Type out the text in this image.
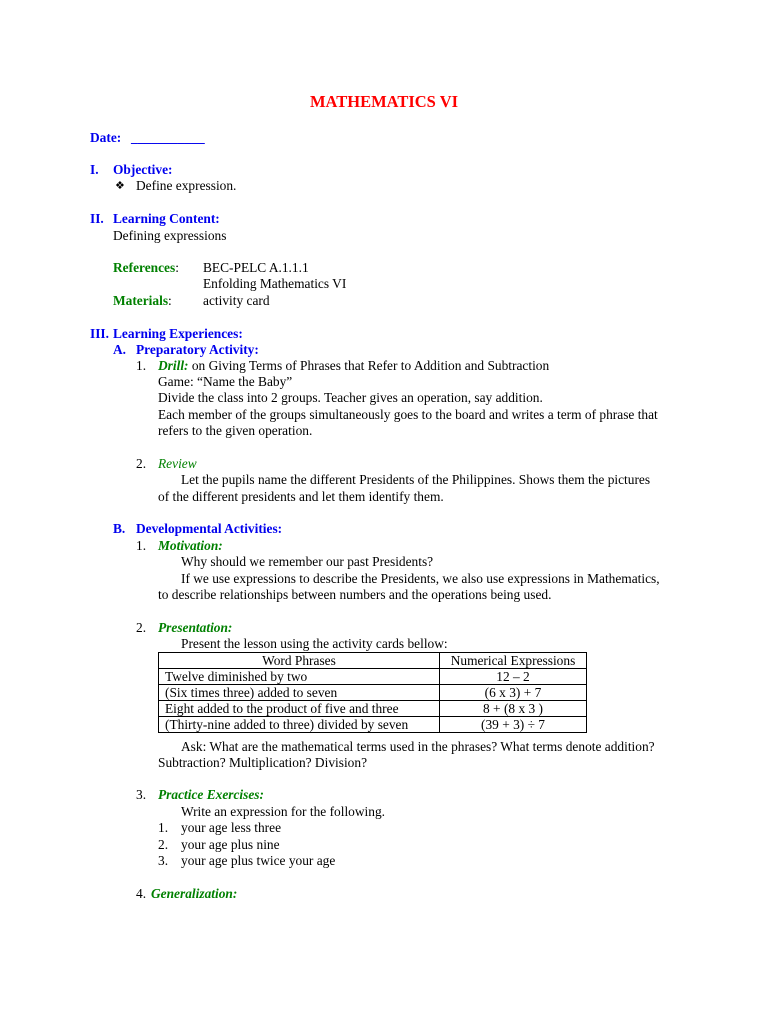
MATHEMATICS VI
Date: ___________
I. Objective:
❖ Define expression.
II. Learning Content:
Defining expressions
References: BEC-PELC A.1.1.1
Enfolding Mathematics VI
Materials: activity card
III. Learning Experiences:
A. Preparatory Activity:
1. Drill: on Giving Terms of Phrases that Refer to Addition and Subtraction
Game: “Name the Baby”
Divide the class into 2 groups. Teacher gives an operation, say addition.
Each member of the groups simultaneously goes to the board and writes a term of phrase that
refers to the given operation.
2. Review
Let the pupils name the different Presidents of the Philippines. Shows them the pictures
of the different presidents and let them identify them.
B. Developmental Activities:
1. Motivation:
Why should we remember our past Presidents?
If we use expressions to describe the Presidents, we also use expressions in Mathematics,
to describe relationships between numbers and the operations being used.
2. Presentation:
Present the lesson using the activity cards bellow:
Word Phrases	Numerical Expressions
Twelve diminished by two	12 – 2
(Six times three) added to seven	(6 x 3) + 7
Eight added to the product of five and three	8 + (8 x 3 )
(Thirty-nine added to three) divided by seven	(39 + 3) ÷ 7
Ask: What are the mathematical terms used in the phrases? What terms denote addition?
Subtraction? Multiplication? Division?
3. Practice Exercises:
Write an expression for the following.
1. your age less three
2. your age plus nine
3. your age plus twice your age
4. Generalization:
